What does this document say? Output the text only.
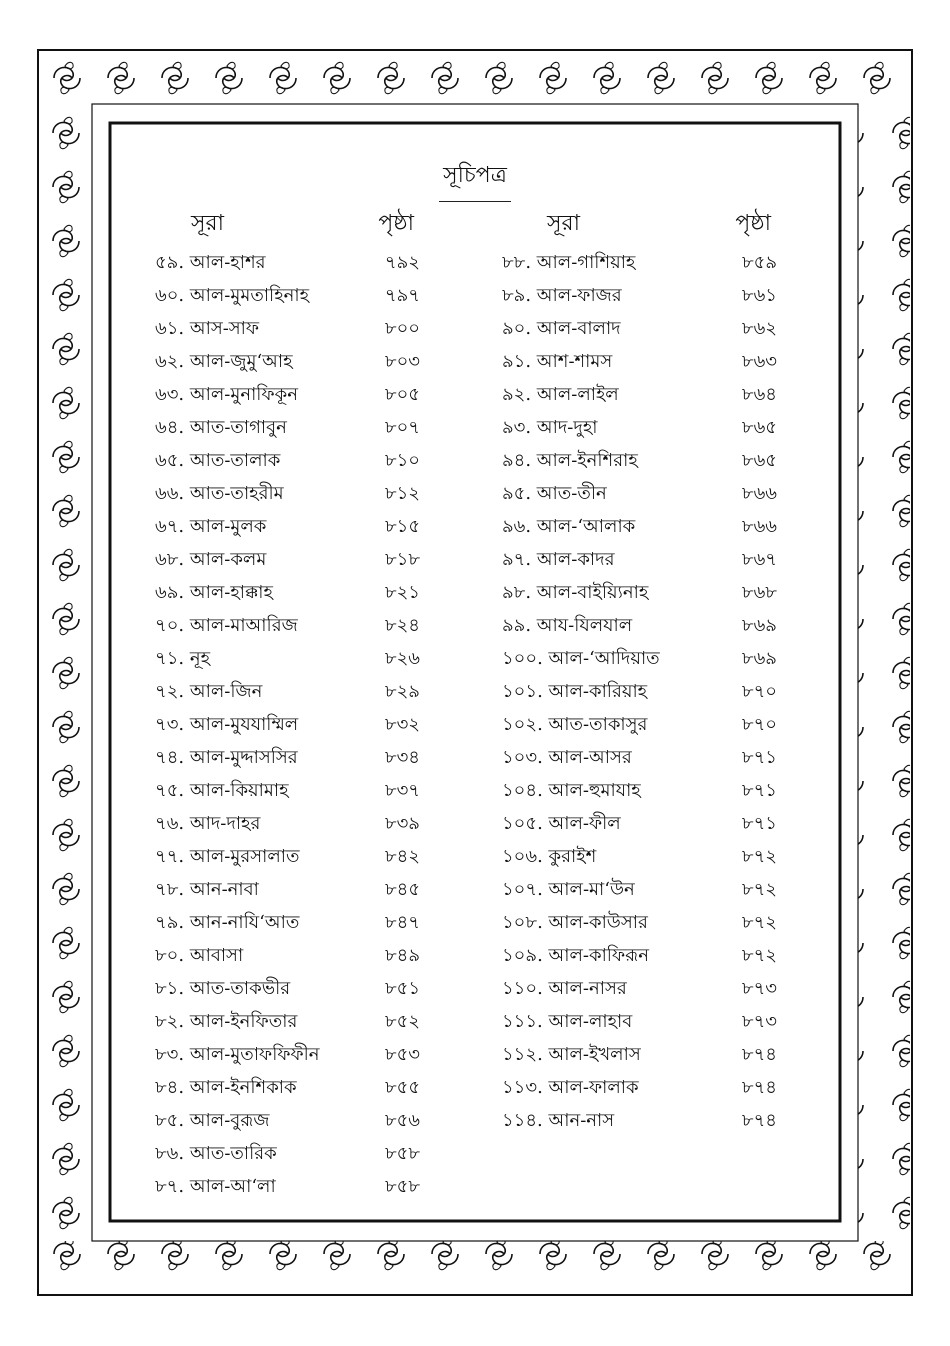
সূচিপত্র
সূরা	পৃষ্ঠা
৫৯. আল-হাশর	৭৯২
৬০. আল-মুমতাহিনাহ	৭৯৭
৬১. আস-সাফ	৮০০
৬২. আল-জুমু‘আহ	৮০৩
৬৩. আল-মুনাফিকূন	৮০৫
৬৪. আত-তাগাবুন	৮০৭
৬৫. আত-তালাক	৮১০
৬৬. আত-তাহরীম	৮১২
৬৭. আল-মুলক	৮১৫
৬৮. আল-কলম	৮১৮
৬৯. আল-হাক্কাহ	৮২১
৭০. আল-মাআরিজ	৮২৪
৭১. নূহ	৮২৬
৭২. আল-জিন	৮২৯
৭৩. আল-মুযযাম্মিল	৮৩২
৭৪. আল-মুদ্দাসসির	৮৩৪
৭৫. আল-কিয়ামাহ	৮৩৭
৭৬. আদ-দাহর	৮৩৯
৭৭. আল-মুরসালাত	৮৪২
৭৮. আন-নাবা	৮৪৫
৭৯. আন-নাযি‘আত	৮৪৭
৮০. আবাসা	৮৪৯
৮১. আত-তাকভীর	৮৫১
৮২. আল-ইনফিতার	৮৫২
৮৩. আল-মুতাফফিফীন	৮৫৩
৮৪. আল-ইনশিকাক	৮৫৫
৮৫. আল-বুরূজ	৮৫৬
৮৬. আত-তারিক	৮৫৮
৮৭. আল-আ‘লা	৮৫৮
সূরা	পৃষ্ঠা
৮৮. আল-গাশিয়াহ	৮৫৯
৮৯. আল-ফাজর	৮৬১
৯০. আল-বালাদ	৮৬২
৯১. আশ-শামস	৮৬৩
৯২. আল-লাইল	৮৬৪
৯৩. আদ-দুহা	৮৬৫
৯৪. আল-ইনশিরাহ	৮৬৫
৯৫. আত-তীন	৮৬৬
৯৬. আল-‘আলাক	৮৬৬
৯৭. আল-কাদর	৮৬৭
৯৮. আল-বাইয়্যিনাহ	৮৬৮
৯৯. আয-যিলযাল	৮৬৯
১০০. আল-‘আদিয়াত	৮৬৯
১০১. আল-কারিয়াহ	৮৭০
১০২. আত-তাকাসুর	৮৭০
১০৩. আল-আসর	৮৭১
১০৪. আল-হুমাযাহ	৮৭১
১০৫. আল-ফীল	৮৭১
১০৬. কুরাইশ	৮৭২
১০৭. আল-মা‘উন	৮৭২
১০৮. আল-কাউসার	৮৭২
১০৯. আল-কাফিরূন	৮৭২
১১০. আল-নাসর	৮৭৩
১১১. আল-লাহাব	৮৭৩
১১২. আল-ইখলাস	৮৭৪
১১৩. আল-ফালাক	৮৭৪
১১৪. আন-নাস	৮৭৪
